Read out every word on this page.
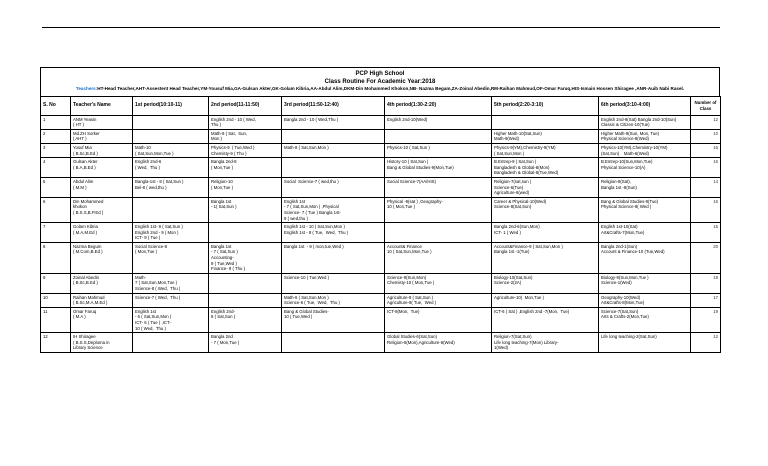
PCP High School
Class Routine For Academic Year:2018
Teachers:HT-Head Teacher,AHT-Assestent Head Teacher,YM-Yousuf Mia,GA-Gulsan Akter,GK-Golam Kibria,AA-Abdul Alim,DKM-Din Mohammed Khokon,NB- Nazma Begam,ZA-Zoinal Abedin,RM-Raihan Mahmud,OF-Omar Faruq,HIS-Ismain Hossen Shiragee ,ANR-Auib Nabi Rasel.
S. No	Teacher's Name	1st period(10:10-11)	2nd period(11-11:50)	3rd period(11:50-12:40)	4th period(1:30-2:20)	5th period(2:20-3:10)	6th period(3:10-4:00)	Number of Class
1	ANM Yeasin
( HT )		English 2nd - 10 ( Wed,
Thu )	Bangla 2nd - 10 ( Wed,Thu )	English 2nd-10(Wed)		English 2nd-9(Sat) Bangla 2nd-10(Sun)
Classic & Citizen-10(Tue)	12
2	Md.ZH Sorker
( AHT )		Math-9 ( Sat,  Sun,
Mon )			Higher Math-10(Sat,Sun)
Math-9(Wed)	Higher Math-9(Sun, Mon, Tue)
Physical Science-8(Wed)	10
3	Yosuf Mia
( B.Sc,B.Ed )	Math-10
( Sat,Sun,Mon,Tue )	Physics-9  ( Tue,Wed )
Chemisty-9 ( Thu )	Math-8 ( Sat,Sun,Mon )	Physics-10 ( Sat,Sun )	Physics-9(YM),Chemistry-9(YM)
( Sat,Sun,Mon )	Physics-10(YM),Chemistry-10(YM)
(Sat,Sun)    Math-6(Wed)	16
4	Gulsan Akter
( B.A,B.Ed )	English 2nd-6
( Wed,  Thu )	Bangla 2nd-8
( Mon,Tue )		History-10 ( Sat,Sun )
Bang & Global Studies-9(Mon,Tue)	B.Entrep-9 ( Sat,Sun )
Bangladesh & Global-8(Mon)
Bangladesh & Global-8(Tue,Wed)	B.Entrep-10(Sun,Mon,Tue)
Physical Science-10(A)	16
5	Abdul Alim
( M.M )	Bangla-1st - 8 ( Sat,Sun )
Bel-8 ( wed,thu )	Religion-10
( Mon,Tue )	Social  Science-7 ( wed,thu )	Social Science-7(AA/HIS)	Religion-7(sat,sun )
Science-6(Tue)
Agriculture-6(wed)	Religion-8(Sat),
Bangla 1st -8(Sun)	14
6	Din Mohammed
khokon
( B.S.S,B.P.Ed )		Bangla 1st
- 1( Sat,Sun )	English 1st
- 7 ( Sat,Sun,Mon ) ,Physical
Science- 7 ( Tue ) Bangla 1st-
9 ( wed,thu )	Physical -9(sat ) ,Geography-
10 ( Mon,Tue )	Career & Physical-10(Wed)
Science-8(Sat,Sun)	Bang & Global Studies-9(Tue)
Physical Science-8( Wed )	16
7	Golam Kibria
( M.A,M.Ed )	English 1st- 9 ( Sat,Sun )
English 2nd - 9 ( Mon )
ICT- 9 ( Tue )		English 1st - 10 ( Sat,Sun,Mon )
English 1st - 8 ( Tue,  Wed,  Thu )		Bangla 2nd-6(Sun,Mon)
ICT- 1 ( Wed )	English 1st-10(Sat)
Art&Crafts-7(Mon,Tue)	15
8	Nazma Begum
( M.Com,B.Ed )	Social Science-8
( Mon,Tue )	Bangla 1st
- 7 ( Sat,Sun )
Accounting-
9 ( Tue,Wed )
Finance- 9 ( Thu )	Bangla 1st  - 9 ( mon,tue,Wed )	Account& Finance
10 ( Sat,Sun,Mon,Tue )	Account&Finance-9 ( Sat,Sun,Mon )
Bangla 1st -1(Tue)	Bangla 2nd-1(Sun)
Account & Finance-10 (Tue,Wed)	20
9	Zoinal Abedin
( B.Sc,B.Ed )	Math-
7 ( Sat,Sun,Mon,Tue )
Science-8 ( Wed,  Thu )		Science-10 ( Tue,Wed )	Science-9(Sun,Mon)
Chemisty-10 ( Mon,Tue )	Biology-10(Sat,Sun)
Science-2(2A)	Biology-9(Sun,Mon,Tue )
Science-1(Wed)	19
10	Raihan Mahmud
( B.Sc,M.A,M.Ed )	Science-7 ( Wed,  Thu )		Math-6 ( Sat,Sun,Mon )
Science-6 ( Tue,  Wed,  Thu )	Agriculture-8 ( Sat,Sun )
Agriculture-9( Tue,  Wed )	Agriculture-10(  Mon,Tue )	Geography-10(Wed)
Art&Crafts-8(Mon,Tue)	17
11	Omar Faruq
( M.A )	English 1st
- 6 ( Sat,Sun,Mon )
ICT- 6 ( Tue ) ,ICT-
10 ( Wed,  Thu )	English 2nd-
8 ( Sat,Sun )	Bang & Global Studies-
10 ( Tue,Wed )	ICT-8(Mon,  Tue)	ICT-6 ( Sat ) ,English 2nd -7(Mon,  Tue)	Science-7(Sat,Sun)
Arts & Crafts-2(Mon,Tue)	19
12	IH Shiragee
( B.S.S,Deploma in
Library Science		Bangla 2nd
- 7 ( Mon,Tue )		Global Studies-6(Sat,Sun)
Religion-6(Mon),Agriculture-6(Wed)	Religion-7(Sat,Sun)
Life long teaching-7(Mon) Library-
1(Wed)	Life long teaching-2(Sat,Sun)	12
